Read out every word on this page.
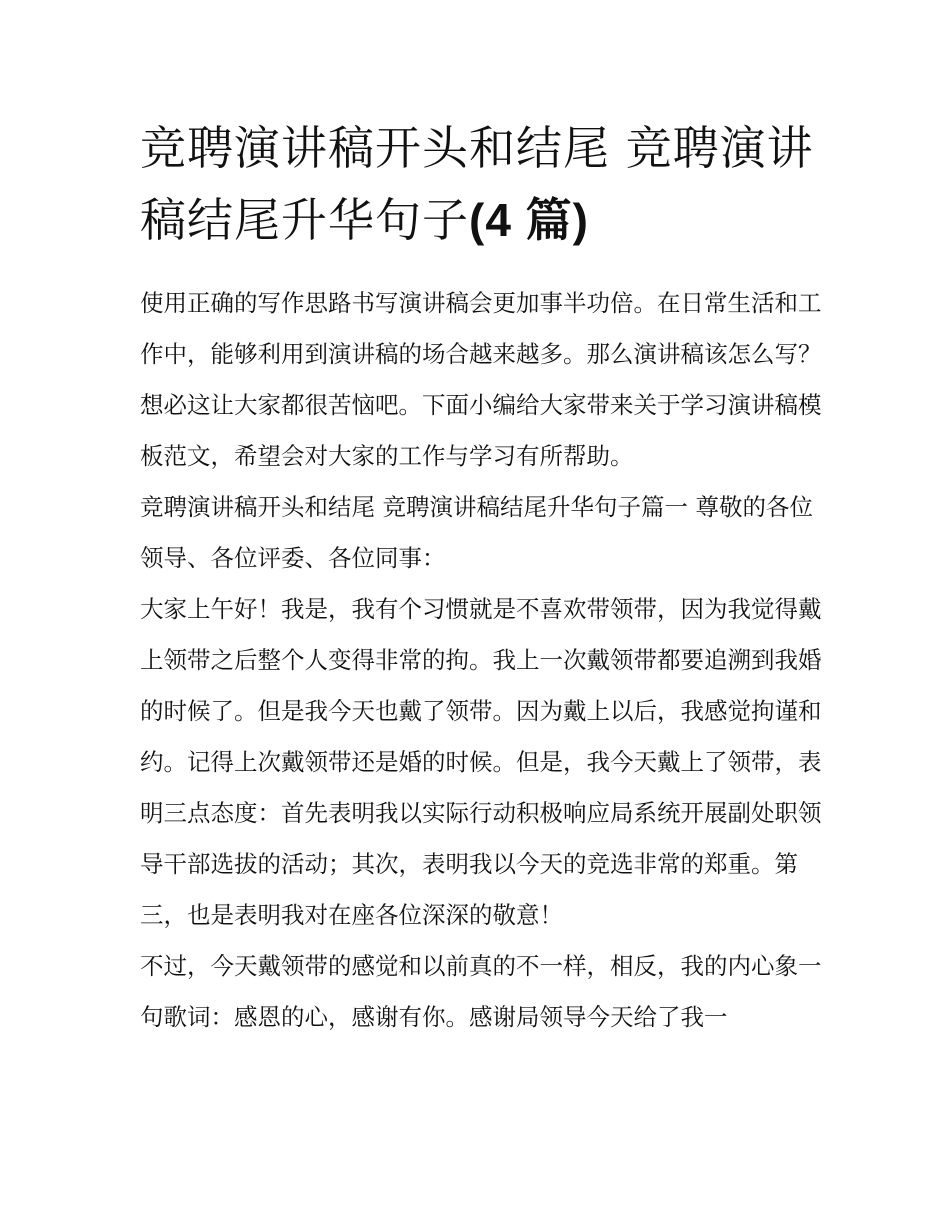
竞聘演讲稿开头和结尾 竞聘演讲稿结尾升华句子(4 篇)

使用正确的写作思路书写演讲稿会更加事半功倍。在日常生活和工作中，能够利用到演讲稿的场合越来越多。那么演讲稿该怎么写？想必这让大家都很苦恼吧。下面小编给大家带来关于学习演讲稿模板范文，希望会对大家的工作与学习有所帮助。

竞聘演讲稿开头和结尾 竞聘演讲稿结尾升华句子篇一 尊敬的各位领导、各位评委、各位同事：

大家上午好！我是，我有个习惯就是不喜欢带领带，因为我觉得戴上领带之后整个人变得非常的拘。我上一次戴领带都要追溯到我婚的时候了。但是我今天也戴了领带。因为戴上以后，我感觉拘谨和约。记得上次戴领带还是婚的时候。但是，我今天戴上了领带，表明三点态度：首先表明我以实际行动积极响应局系统开展副处职领导干部选拔的活动；其次，表明我以今天的竞选非常的郑重。第三，也是表明我对在座各位深深的敬意！

不过，今天戴领带的感觉和以前真的不一样，相反，我的内心象一句歌词：感恩的心，感谢有你。感谢局领导今天给了我一
